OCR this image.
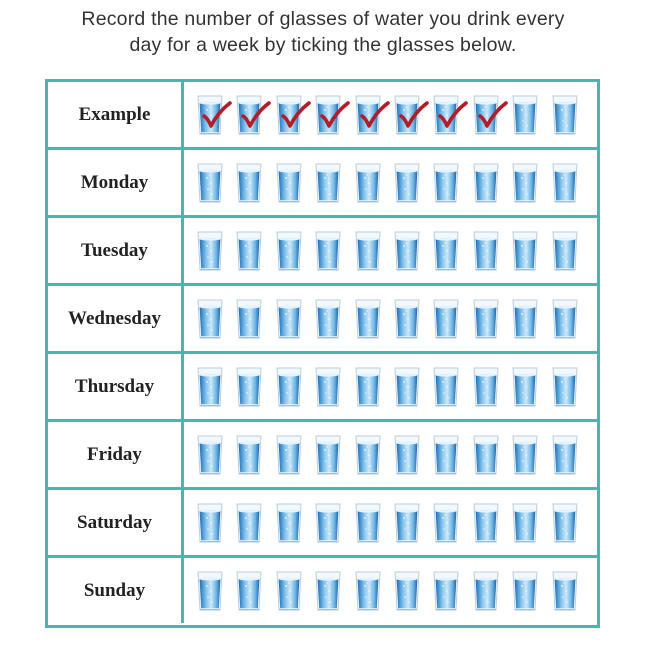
Record the number of glasses of water you drink every
day for a week by ticking the glasses below.
Example
Monday
Tuesday
Wednesday
Thursday
Friday
Saturday
Sunday
